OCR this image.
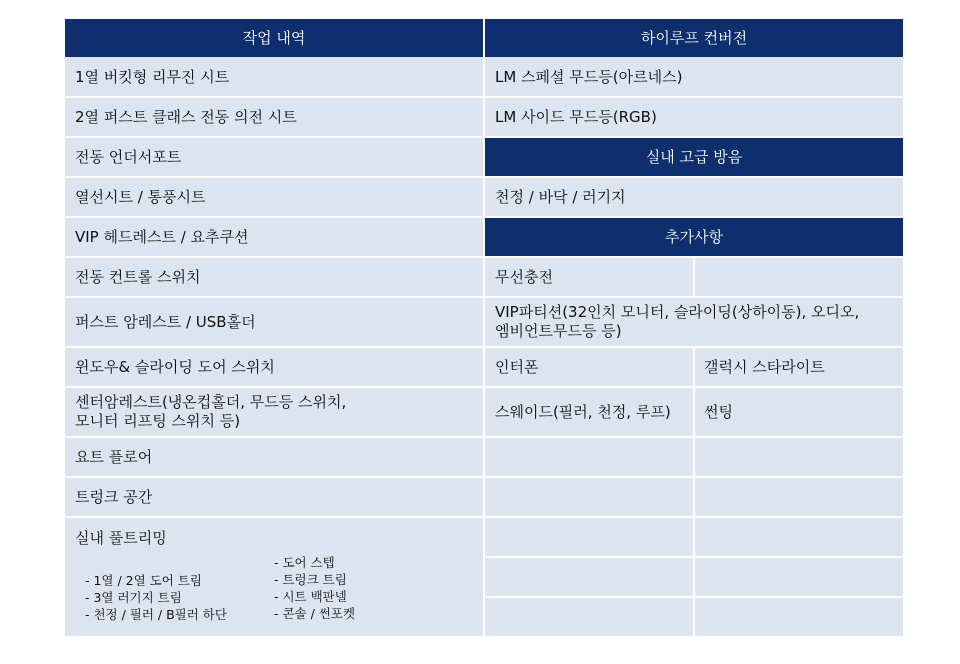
작업 내역
1열 버킷형 리무진 시트
2열 퍼스트 클래스 전동 의전 시트
전동 언더서포트
열선시트 / 통풍시트
VIP 헤드레스트 / 요추쿠션
전동 컨트롤 스위치
퍼스트 암레스트 / USB홀더
윈도우& 슬라이딩 도어 스위치
센터암레스트(냉온컵홀더, 무드등 스위치,
모니터 리프팅 스위치 등)
요트 플로어
트렁크 공간
실내 풀트리밍
- 1열 / 2열 도어 트림
- 3열 러기지 트림
- 천정 / 필러 / B필러 하단
- 도어 스텝
- 트렁크 트림
- 시트 백판넬
- 콘솔 / 썬포켓
하이루프 컨버전
LM 스페셜 무드등(아르네스)
LM 사이드 무드등(RGB)
실내 고급 방음
천정 / 바닥 / 러기지
추가사항
무선충전
VIP파티션(32인치 모니터, 슬라이딩(상하이동), 오디오,
엠비언트무드등 등)
인터폰	갤럭시 스타라이트
스웨이드(필러, 천정, 루프) 썬팅
